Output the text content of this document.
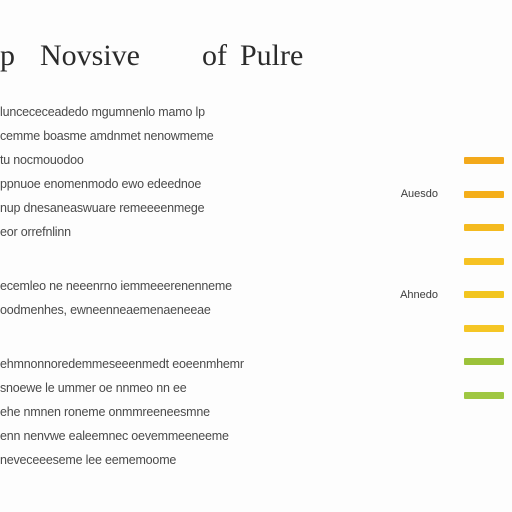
p Novsive of Pulre
luncececeadedo mgumnenlo mamo lp
cemme boasme amdnmet nenowmeme
tu nocmouodoo
ppnuoe enomenmodo ewo edeednoe
nup dnesaneaswuare remeeeenmege
eor orrefnlinn
ecemleo ne neeenrno iemmeeerenenneme
oodmenhes, ewneenneaemenaeneeae
ehmnonnoredemmeseeenmedt eoeenmhemr
snoewe le ummer oe nnmeo nn ee
ehe nmnen roneme onmmreeneesmne
enn nenvwe ealeemnec oevemmeeneeme
neveceeeseme lee eememoome
Auesdo
Ahnedo
